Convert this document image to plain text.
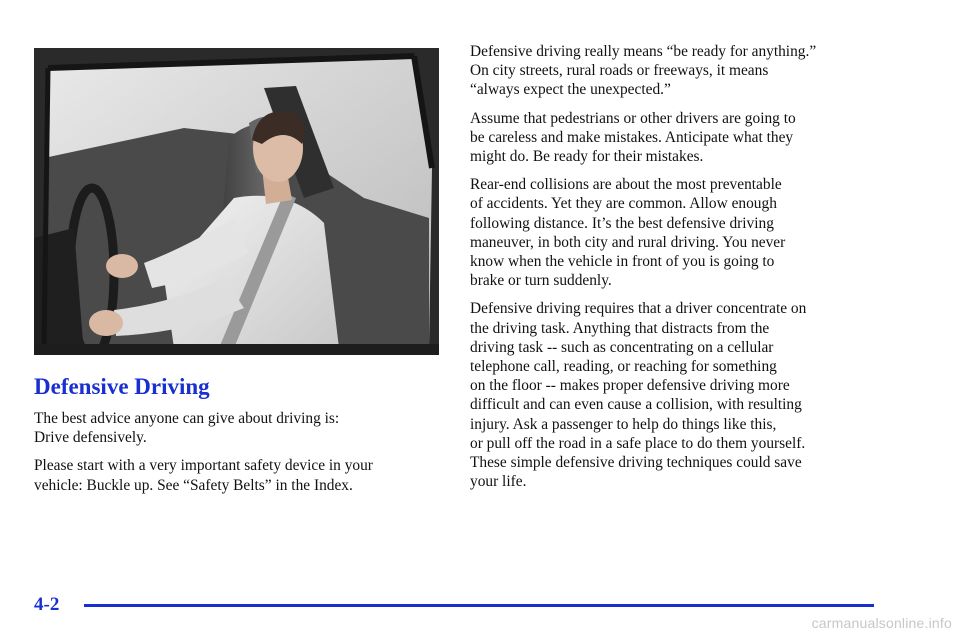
Defensive Driving

The best advice anyone can give about driving is:
Drive defensively.

Please start with a very important safety device in your
vehicle: Buckle up. See “Safety Belts” in the Index.

Defensive driving really means “be ready for anything.”
On city streets, rural roads or freeways, it means
“always expect the unexpected.”

Assume that pedestrians or other drivers are going to
be careless and make mistakes. Anticipate what they
might do. Be ready for their mistakes.

Rear-end collisions are about the most preventable
of accidents. Yet they are common. Allow enough
following distance. It’s the best defensive driving
maneuver, in both city and rural driving. You never
know when the vehicle in front of you is going to
brake or turn suddenly.

Defensive driving requires that a driver concentrate on
the driving task. Anything that distracts from the
driving task -- such as concentrating on a cellular
telephone call, reading, or reaching for something
on the floor -- makes proper defensive driving more
difficult and can even cause a collision, with resulting
injury. Ask a passenger to help do things like this,
or pull off the road in a safe place to do them yourself.
These simple defensive driving techniques could save
your life.

4-2
carmanualsonline.info
